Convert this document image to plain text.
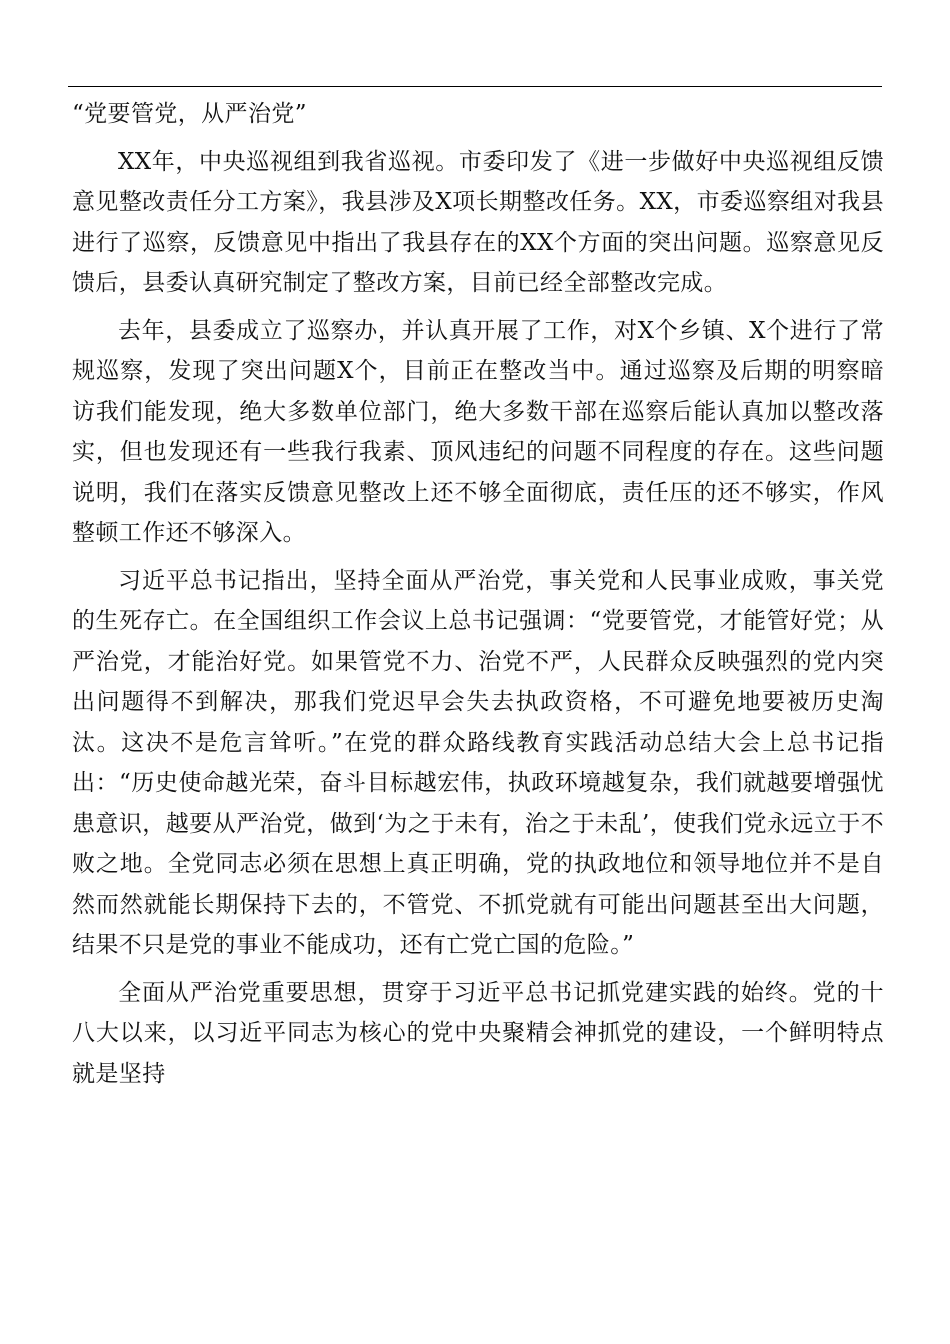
“党要管党，从严治党”

XX年，中央巡视组到我省巡视。市委印发了《进一步做好中央巡视组反馈意见整改责任分工方案》，我县涉及X项长期整改任务。XX，市委巡察组对我县进行了巡察，反馈意见中指出了我县存在的XX个方面的突出问题。巡察意见反馈后，县委认真研究制定了整改方案，目前已经全部整改完成。

去年，县委成立了巡察办，并认真开展了工作，对X个乡镇、X个进行了常规巡察，发现了突出问题X个，目前正在整改当中。通过巡察及后期的明察暗访我们能发现，绝大多数单位部门，绝大多数干部在巡察后能认真加以整改落实，但也发现还有一些我行我素、顶风违纪的问题不同程度的存在。这些问题说明，我们在落实反馈意见整改上还不够全面彻底，责任压的还不够实，作风整顿工作还不够深入。

习近平总书记指出，坚持全面从严治党，事关党和人民事业成败，事关党的生死存亡。在全国组织工作会议上总书记强调：“党要管党，才能管好党；从严治党，才能治好党。如果管党不力、治党不严，人民群众反映强烈的党内突出问题得不到解决，那我们党迟早会失去执政资格，不可避免地要被历史淘汰。这决不是危言耸听。”在党的群众路线教育实践活动总结大会上总书记指出：“历史使命越光荣，奋斗目标越宏伟，执政环境越复杂，我们就越要增强忧患意识，越要从严治党，做到‘为之于未有，治之于未乱’，使我们党永远立于不败之地。全党同志必须在思想上真正明确，党的执政地位和领导地位并不是自然而然就能长期保持下去的，不管党、不抓党就有可能出问题甚至出大问题，结果不只是党的事业不能成功，还有亡党亡国的危险。”

全面从严治党重要思想，贯穿于习近平总书记抓党建实践的始终。党的十八大以来，以习近平同志为核心的党中央聚精会神抓党的建设，一个鲜明特点就是坚持
